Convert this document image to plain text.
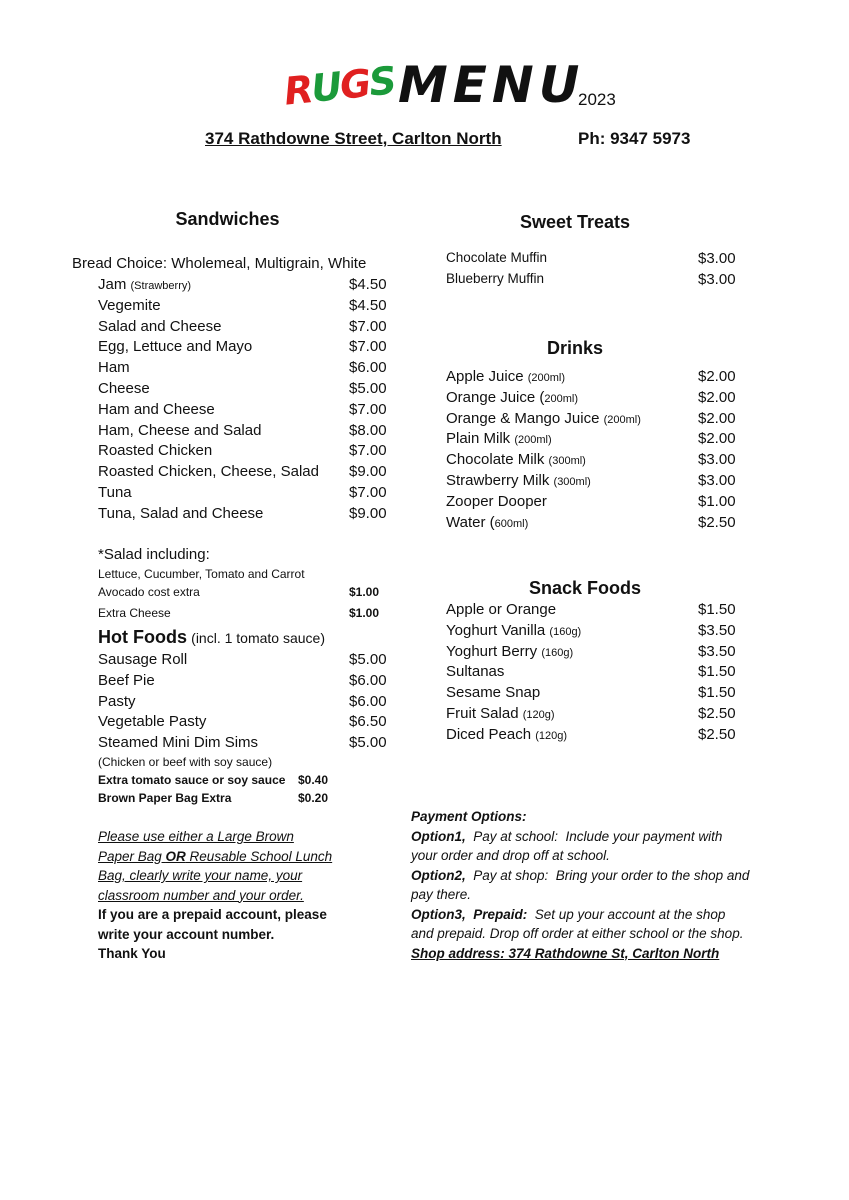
RUGS MENU
2023
374 Rathdowne Street, Carlton North	Ph: 9347 5973
Sandwiches
Bread Choice: Wholemeal, Multigrain, White
Jam (Strawberry)	$4.50
Vegemite	$4.50
Salad and Cheese	$7.00
Egg, Lettuce and Mayo	$7.00
Ham	$6.00
Cheese	$5.00
Ham and Cheese	$7.00
Ham, Cheese and Salad	$8.00
Roasted Chicken	$7.00
Roasted Chicken, Cheese, Salad $9.00
Tuna	$7.00
Tuna, Salad and Cheese	$9.00
*Salad including:
Lettuce, Cucumber, Tomato and Carrot
Avocado cost extra	$1.00
Extra Cheese	$1.00
Hot Foods (incl. 1 tomato sauce)
Sausage Roll	$5.00
Beef Pie	$6.00
Pasty	$6.00
Vegetable Pasty	$6.50
Steamed Mini Dim Sims	$5.00
(Chicken or beef with soy sauce)
Extra tomato sauce or soy sauce $0.40
Brown Paper Bag Extra	$0.20
Please use either a Large Brown
Paper Bag OR Reusable School Lunch
Bag, clearly write your name, your
classroom number and your order.
If you are a prepaid account, please
write your account number.
Thank You
Sweet Treats
Chocolate Muffin	$3.00
Blueberry Muffin	$3.00
Drinks
Apple Juice (200ml)	$2.00
Orange Juice (200ml)	$2.00
Orange & Mango Juice (200ml)	$2.00
Plain Milk (200ml)	$2.00
Chocolate Milk (300ml)	$3.00
Strawberry Milk (300ml)	$3.00
Zooper Dooper	$1.00
Water (600ml)	$2.50
Snack Foods
Apple or Orange	$1.50
Yoghurt Vanilla (160g)	$3.50
Yoghurt Berry (160g)	$3.50
Sultanas	$1.50
Sesame Snap	$1.50
Fruit Salad (120g)	$2.50
Diced Peach (120g)	$2.50
Payment Options:
Option1,  Pay at school:  Include your payment with your order and drop off at school.
Option2,  Pay at shop:  Bring your order to the shop and pay there.
Option3,  Prepaid:  Set up your account at the shop and prepaid. Drop off order at either school or the shop.
Shop address: 374 Rathdowne St, Carlton North
